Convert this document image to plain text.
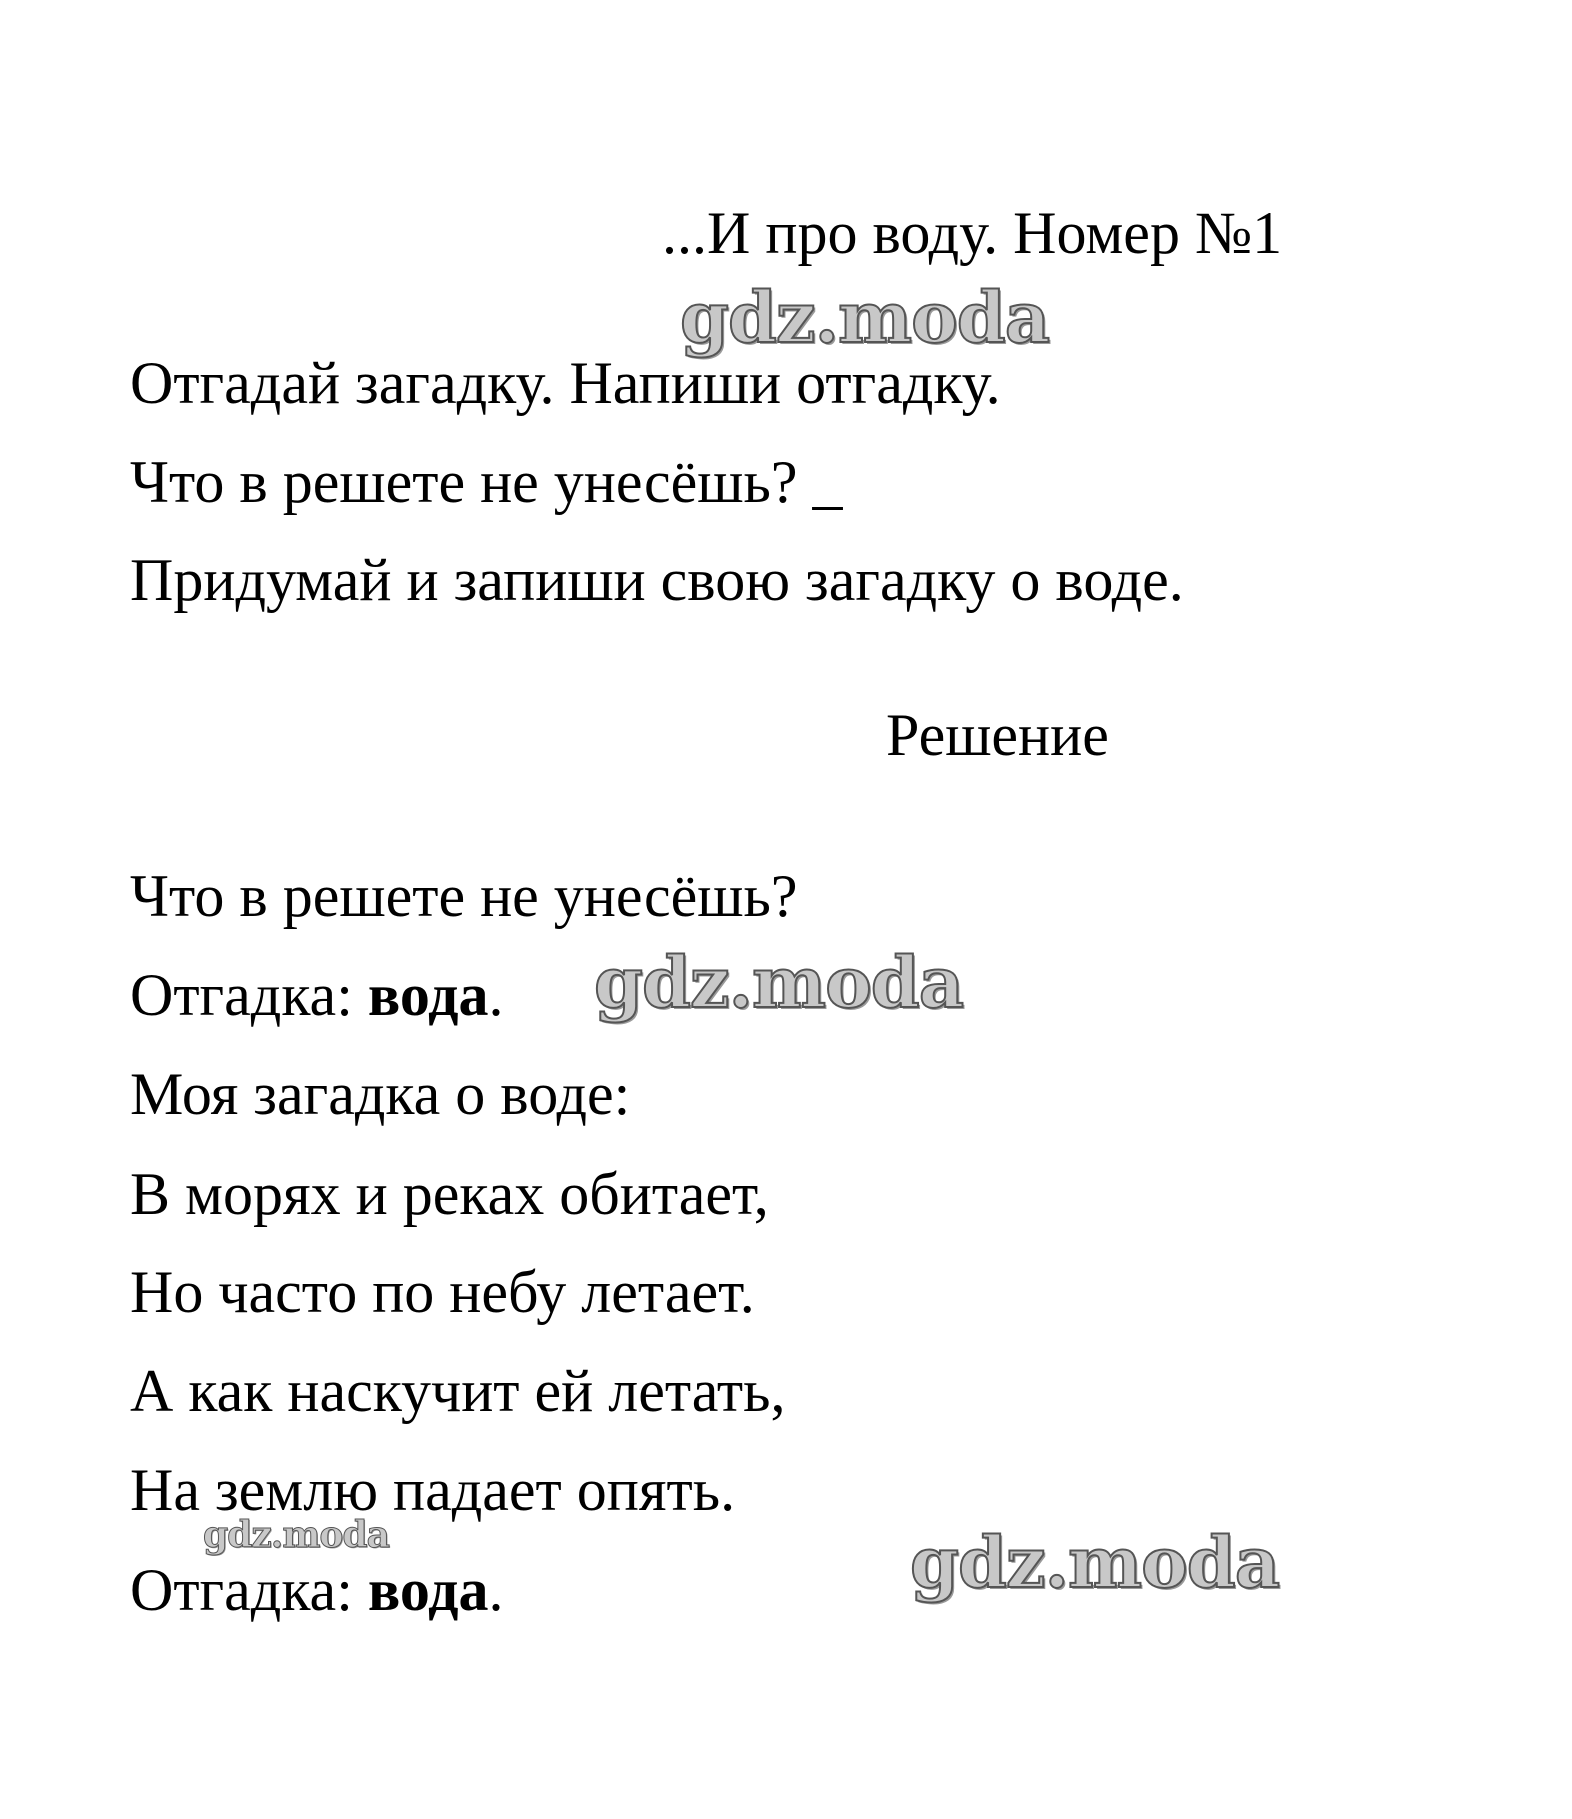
...И про воду. Номер №1
Отгадай загадку. Напиши отгадку.
Что в решете не унесёшь? _
Придумай и запиши свою загадку о воде.
Решение
Что в решете не унесёшь?
Отгадка: вода.
Моя загадка о воде:
В морях и реках обитает,
Но часто по небу летает.
А как наскучит ей летать,
На землю падает опять.
Отгадка: вода.
gdz.moda
gdz.moda
gdz.moda	gdz.moda
